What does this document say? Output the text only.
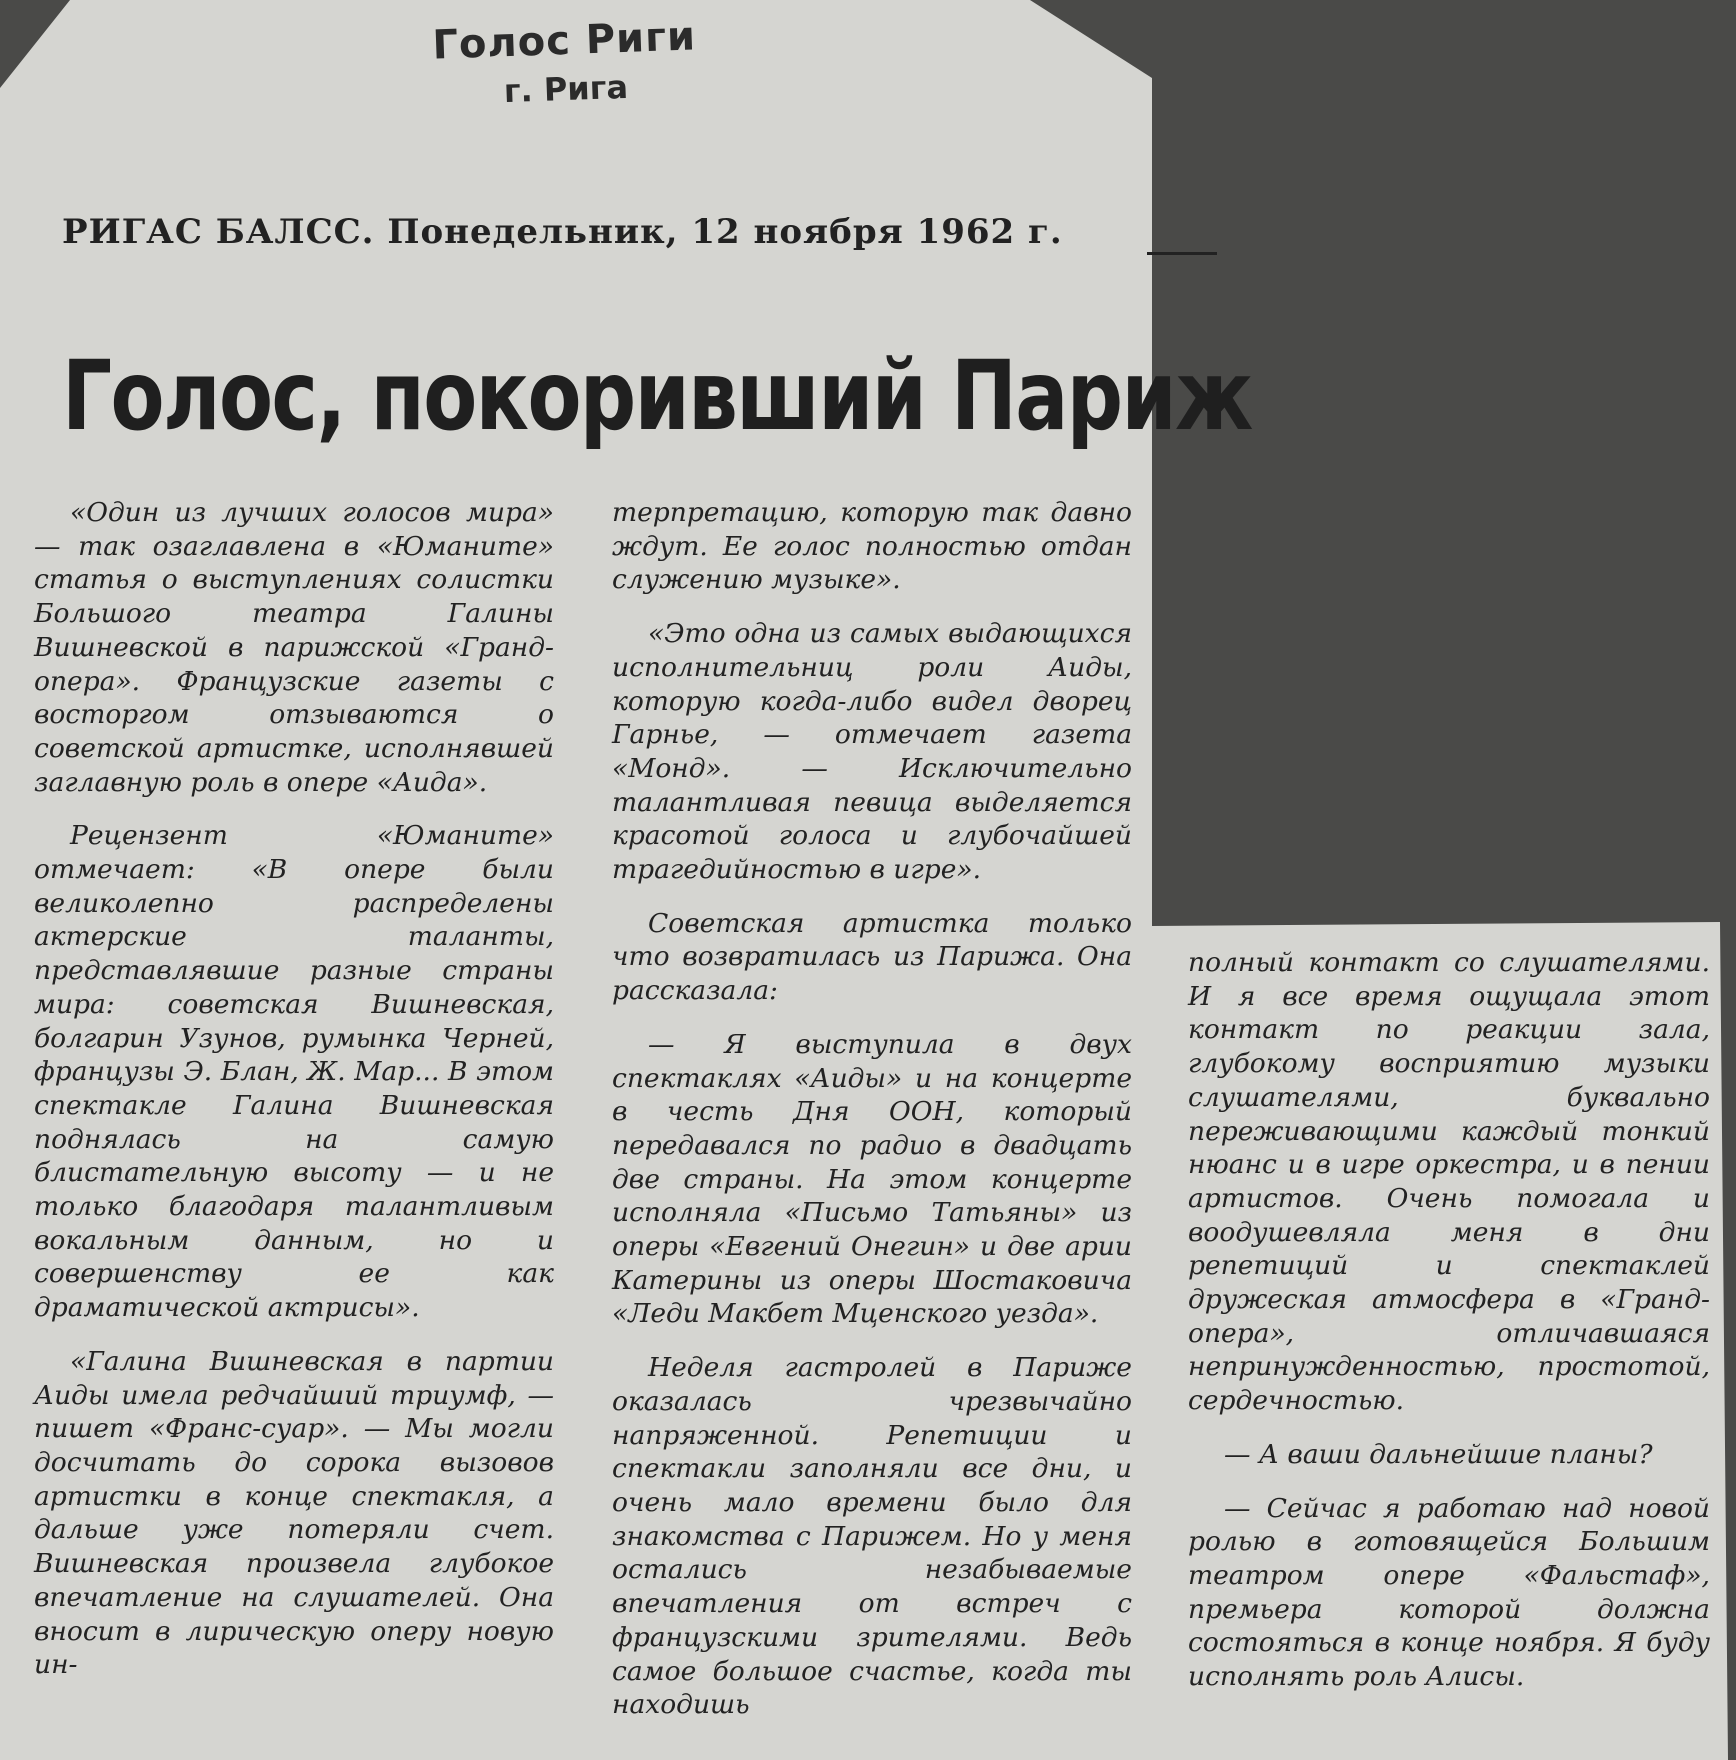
Голос Риги
г. Рига
РИГАС БАЛСС. Понедельник, 12 ноября 1962 г.
Голос, покоривший Париж

«Один из лучших голосов мира» — так озаглавлена в «Юманите» статья о выступлениях солистки Большого театра Галины Вишневской в парижской «Гранд-опера». Французские газеты с восторгом отзываются о советской артистке, исполнявшей заглавную роль в опере «Аида».

Рецензент «Юманите» отмечает: «В опере были великолепно распределены актерские таланты, представлявшие разные страны мира: советская Вишневская, болгарин Узунов, румынка Черней, французы Э. Блан, Ж. Мар... В этом спектакле Галина Вишневская поднялась на самую блистательную высоту — и не только благодаря талантливым вокальным данным, но и совершенству ее как драматической актрисы».

«Галина Вишневская в партии Аиды имела редчайший триумф, — пишет «Франс-суар». — Мы могли досчитать до сорока вызовов артистки в конце спектакля, а дальше уже потеряли счет. Вишневская произвела глубокое впечатление на слушателей. Она вносит в лирическую оперу новую ин-

терпретацию, которую так давно ждут. Ее голос полностью отдан служению музыке».

«Это одна из самых выдающихся исполнительниц роли Аиды, которую когда-либо видел дворец Гарнье, — отмечает газета «Монд». — Исключительно талантливая певица выделяется красотой голоса и глубочайшей трагедийностью в игре».

Советская артистка только что возвратилась из Парижа. Она рассказала:

— Я выступила в двух спектаклях «Аиды» и на концерте в честь Дня ООН, который передавался по радио в двадцать две страны. На этом концерте исполняла «Письмо Татьяны» из оперы «Евгений Онегин» и две арии Катерины из оперы Шостаковича «Леди Макбет Мценского уезда».

Неделя гастролей в Париже оказалась чрезвычайно напряженной. Репетиции и спектакли заполняли все дни, и очень мало времени было для знакомства с Парижем. Но у меня остались незабываемые впечатления от встреч с французскими зрителями. Ведь самое большое счастье, когда ты находишь

полный контакт со слушателями. И я все время ощущала этот контакт по реакции зала, глубокому восприятию музыки слушателями, буквально переживающими каждый тонкий нюанс и в игре оркестра, и в пении артистов. Очень помогала и воодушевляла меня в дни репетиций и спектаклей дружеская атмосфера в «Гранд-опера», отличавшаяся непринужденностью, простотой, сердечностью.

— А ваши дальнейшие планы?

— Сейчас я работаю над новой ролью в готовящейся Большим театром опере «Фальстаф», премьера которой должна состояться в конце ноября. Я буду исполнять роль Алисы.
